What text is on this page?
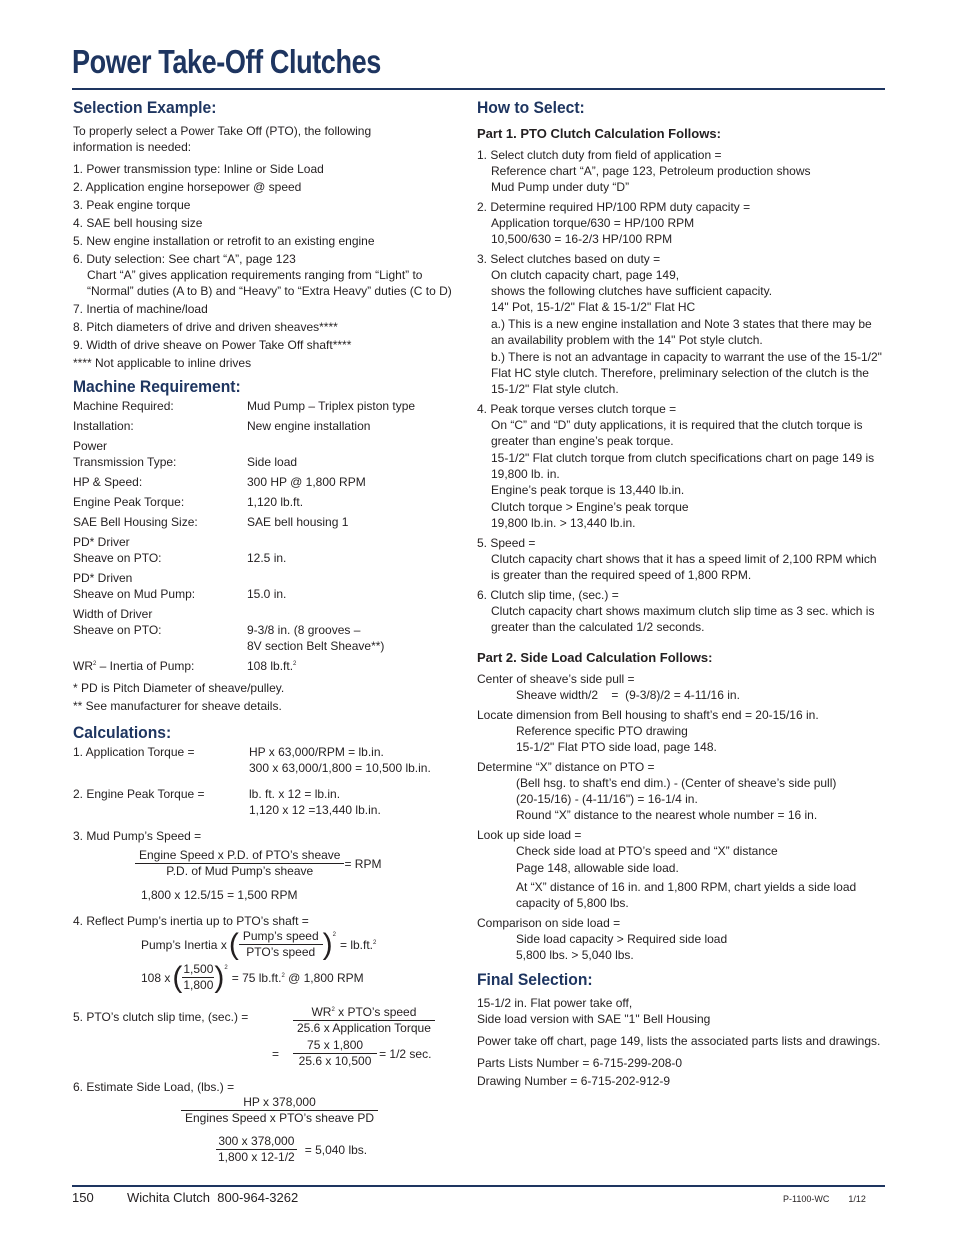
Power Take-Off Clutches
Selection Example:

To properly select a Power Take Off (PTO), the following

information is needed:

1. Power transmission type: Inline or Side Load

2. Application engine horsepower @ speed

3. Peak engine torque

4. SAE bell housing size

5. New engine installation or retrofit to an existing engine

6. Duty selection: See chart “A”, page 123

Chart “A” gives application requirements ranging from “Light” to “Normal” duties (A to B) and “Heavy” to “Extra Heavy” duties (C to D)

7. Inertia of machine/load

8. Pitch diameters of drive and driven sheaves****

9. Width of drive sheave on Power Take Off shaft****

**** Not applicable to inline drives

Machine Requirement:
Machine Required:	Mud Pump – Triplex piston type
Installation:	New engine installation
Power
Transmission Type:	Side load
HP & Speed:	300 HP @ 1,800 RPM
Engine Peak Torque:	1,120 lb.ft.
SAE Bell Housing Size:	SAE bell housing 1
PD* Driver
Sheave on PTO:	12.5 in.
PD* Driven
Sheave on Mud Pump:	15.0 in.
Width of Driver
Sheave on PTO:	9-3/8 in. (8 grooves –
8V section Belt Sheave**)
$WR^2$ – Inertia of Pump:	108 lb.ft.$^2$

* PD is Pitch Diameter of sheave/pulley.

** See manufacturer for sheave details.

Calculations:
1. Application Torque =	HP x 63,000/RPM = lb.in.
300 x 63,000/1,800 = 10,500 lb.in.
2. Engine Peak Torque =	lb. ft. x 12 = lb.in.
1,120 x 12 =13,440 lb.in.

3. Mud Pump’s Speed =

$\frac{\text{Engine Speed x P.D. of PTO’s sheave}}{\text{P.D. of Mud Pump’s sheave}}$ = RPM

1,800 x 12.5/15 = 1,500 RPM

4. Reflect Pump’s inertia up to PTO’s shaft =

Pump’s Inertia x ( $\frac{\text{Pump’s speed}}{\text{PTO’s speed}}$ ) 2
= lb.ft.$^2$
108 x ( $\frac{1,500}{1,800}$ ) 2
= 75 lb.ft.$^2$ @ 1,800 RPM
5. PTO’s clutch slip time, (sec.) =	$\frac{WR^2 x PTO’s speed}{\text{25.6 x Application Torque}}$
= $\frac{75 x 1,800}{25.6 x 10,500} = 1/2$ sec.

6. Estimate Side Load, (lbs.) =

$\frac{\text{HP x 378,000}}{\text{Engines Speed x PTO’s sheave PD}}$
$\frac{300 x 378,000}{1,800 x 12-1/2} = 5,040$ lbs.
How to Select:
Part 1. PTO Clutch Calculation Follows:

1. Select clutch duty from field of application =

Reference chart “A”, page 123, Petroleum production shows

Mud Pump under duty “D”

2. Determine required HP/100 RPM duty capacity =

Application torque/630 = HP/100 RPM

10,500/630 = 16-2/3 HP/100 RPM

3. Select clutches based on duty =

On clutch capacity chart, page 149,

shows the following clutches have sufficient capacity.

14" Pot, 15-1/2" Flat & 15-1/2" Flat HC

a.) This is a new engine installation and Note 3 states that there may be an availability problem with the 14" Pot style clutch.

b.) There is not an advantage in capacity to warrant the use of the 15-1/2" Flat HC style clutch. Therefore, preliminary selection of the clutch is the 15-1/2" Flat style clutch.

4. Peak torque verses clutch torque =

On “C” and “D” duty applications, it is required that the clutch torque is greater than engine’s peak torque.

15-1/2" Flat clutch torque from clutch specifications chart on page 149 is 19,800 lb. in.

Engine’s peak torque is 13,440 lb.in.

Clutch torque > Engine’s peak torque

19,800 lb.in. > 13,440 lb.in.

5. Speed =

Clutch capacity chart shows that it has a speed limit of 2,100 RPM which is greater than the required speed of 1,800 RPM.

6. Clutch slip time, (sec.) =

Clutch capacity chart shows maximum clutch slip time as 3 sec. which is greater than the calculated 1/2 seconds.

Part 2. Side Load Calculation Follows:

Center of sheave’s side pull =

Sheave width/2    =  (9-3/8)/2 = 4-11/16 in.

Locate dimension from Bell housing to shaft’s end = 20-15/16 in.

Reference specific PTO drawing

15-1/2" Flat PTO side load, page 148.

Determine “X” distance on PTO =

(Bell hsg. to shaft’s end dim.) - (Center of sheave’s side pull)

(20-15/16) - (4-11/16") = 16-1/4 in.

Round “X” distance to the nearest whole number = 16 in.

Look up side load =

Check side load at PTO’s speed and “X” distance

Page 148, allowable side load.

At “X” distance of 16 in. and 1,800 RPM, chart yields a side load capacity of 5,800 lbs.

Comparison on side load =

Side load capacity > Required side load

5,800 lbs. > 5,040 lbs.

Final Selection:

15-1/2 in. Flat power take off,

Side load version with SAE "1" Bell Housing

Power take off chart, page 149, lists the associated parts lists and drawings.

Parts Lists Number = 6-715-299-208-0

Drawing Number = 6-715-202-912-9

150	Wichita Clutch  800-964-3262	P-1100-WC 1/12
